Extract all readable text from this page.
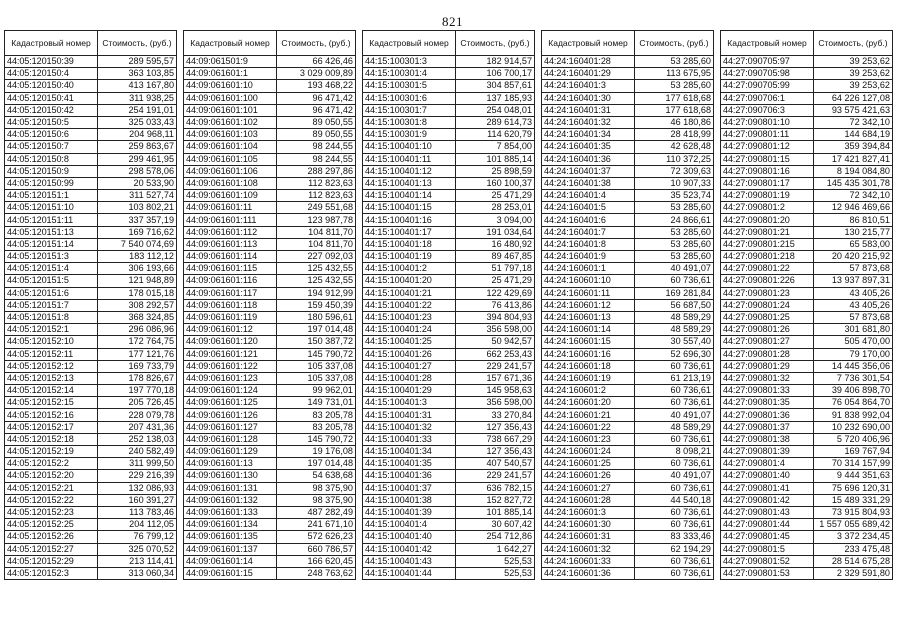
821
Кадастровый номер	Стоимость, (руб.)
44:05:120150:39	289 595,57
44:05:120150:4	363 103,85
44:05:120150:40	413 167,80
44:05:120150:41	311 938,25
44:05:120150:42	254 191,01
44:05:120150:5	325 033,43
44:05:120150:6	204 968,11
44:05:120150:7	259 863,67
44:05:120150:8	299 461,95
44:05:120150:9	298 578,06
44:05:120150:99	20 533,90
44:05:120151:1	311 527,74
44:05:120151:10	103 802,21
44:05:120151:11	337 357,19
44:05:120151:13	169 716,62
44:05:120151:14	7 540 074,69
44:05:120151:3	183 112,12
44:05:120151:4	306 193,66
44:05:120151:5	121 948,89
44:05:120151:6	178 015,18
44:05:120151:7	308 292,57
44:05:120151:8	368 324,85
44:05:120152:1	296 086,96
44:05:120152:10	172 764,75
44:05:120152:11	177 121,76
44:05:120152:12	169 733,79
44:05:120152:13	178 826,67
44:05:120152:14	197 770,18
44:05:120152:15	205 726,45
44:05:120152:16	228 079,78
44:05:120152:17	207 431,36
44:05:120152:18	252 138,03
44:05:120152:19	240 582,49
44:05:120152:2	311 999,50
44:05:120152:20	229 216,39
44:05:120152:21	132 086,93
44:05:120152:22	160 391,27
44:05:120152:23	113 783,46
44:05:120152:25	204 112,05
44:05:120152:26	76 799,12
44:05:120152:27	325 070,52
44:05:120152:29	213 114,41
44:05:120152:3	313 060,34
Кадастровый номер	Стоимость, (руб.)
44:09:061501:9	66 426,46
44:09:061601:1	3 029 009,89
44:09:061601:10	193 468,22
44:09:061601:100	96 471,42
44:09:061601:101	96 471,42
44:09:061601:102	89 050,55
44:09:061601:103	89 050,55
44:09:061601:104	98 244,55
44:09:061601:105	98 244,55
44:09:061601:106	288 297,86
44:09:061601:108	112 823,63
44:09:061601:109	112 823,63
44:09:061601:11	249 551,68
44:09:061601:111	123 987,78
44:09:061601:112	104 811,70
44:09:061601:113	104 811,70
44:09:061601:114	227 092,03
44:09:061601:115	125 432,55
44:09:061601:116	125 432,55
44:09:061601:117	194 912,99
44:09:061601:118	159 450,39
44:09:061601:119	180 596,61
44:09:061601:12	197 014,48
44:09:061601:120	150 387,72
44:09:061601:121	145 790,72
44:09:061601:122	105 337,08
44:09:061601:123	105 337,08
44:09:061601:124	99 962,01
44:09:061601:125	149 731,01
44:09:061601:126	83 205,78
44:09:061601:127	83 205,78
44:09:061601:128	145 790,72
44:09:061601:129	19 176,08
44:09:061601:13	197 014,48
44:09:061601:130	54 638,68
44:09:061601:131	98 375,90
44:09:061601:132	98 375,90
44:09:061601:133	487 282,49
44:09:061601:134	241 671,10
44:09:061601:135	572 626,23
44:09:061601:137	660 786,57
44:09:061601:14	166 620,45
44:09:061601:15	248 763,62
Кадастровый номер	Стоимость, (руб.)
44:15:100301:3	182 914,57
44:15:100301:4	106 700,17
44:15:100301:5	304 857,61
44:15:100301:6	137 185,93
44:15:100301:7	254 048,01
44:15:100301:8	289 614,73
44:15:100301:9	114 620,79
44:15:100401:10	7 854,00
44:15:100401:11	101 885,14
44:15:100401:12	25 898,59
44:15:100401:13	160 100,37
44:15:100401:14	25 471,29
44:15:100401:15	28 253,01
44:15:100401:16	3 094,00
44:15:100401:17	191 034,64
44:15:100401:18	16 480,92
44:15:100401:19	89 467,85
44:15:100401:2	51 797,18
44:15:100401:20	25 471,29
44:15:100401:21	122 429,69
44:15:100401:22	76 413,86
44:15:100401:23	394 804,93
44:15:100401:24	356 598,00
44:15:100401:25	50 942,57
44:15:100401:26	662 253,43
44:15:100401:27	229 241,57
44:15:100401:28	157 671,36
44:15:100401:29	145 958,63
44:15:100401:3	356 598,00
44:15:100401:31	33 270,84
44:15:100401:32	127 356,43
44:15:100401:33	738 667,29
44:15:100401:34	127 356,43
44:15:100401:35	407 540,57
44:15:100401:36	229 241,57
44:15:100401:37	636 782,15
44:15:100401:38	152 827,72
44:15:100401:39	101 885,14
44:15:100401:4	30 607,42
44:15:100401:40	254 712,86
44:15:100401:42	1 642,27
44:15:100401:43	525,53
44:15:100401:44	525,53
Кадастровый номер	Стоимость, (руб.)
44:24:160401:28	53 285,60
44:24:160401:29	113 675,95
44:24:160401:3	53 285,60
44:24:160401:30	177 618,68
44:24:160401:31	177 618,68
44:24:160401:32	46 180,86
44:24:160401:34	28 418,99
44:24:160401:35	42 628,48
44:24:160401:36	110 372,25
44:24:160401:37	72 309,63
44:24:160401:38	10 907,33
44:24:160401:4	35 523,74
44:24:160401:5	53 285,60
44:24:160401:6	24 866,61
44:24:160401:7	53 285,60
44:24:160401:8	53 285,60
44:24:160401:9	53 285,60
44:24:160601:1	40 491,07
44:24:160601:10	60 736,61
44:24:160601:11	169 281,84
44:24:160601:12	56 687,50
44:24:160601:13	48 589,29
44:24:160601:14	48 589,29
44:24:160601:15	30 557,40
44:24:160601:16	52 696,30
44:24:160601:18	60 736,61
44:24:160601:19	61 213,19
44:24:160601:2	60 736,61
44:24:160601:20	60 736,61
44:24:160601:21	40 491,07
44:24:160601:22	48 589,29
44:24:160601:23	60 736,61
44:24:160601:24	8 098,21
44:24:160601:25	60 736,61
44:24:160601:26	40 491,07
44:24:160601:27	60 736,61
44:24:160601:28	44 540,18
44:24:160601:3	60 736,61
44:24:160601:30	60 736,61
44:24:160601:31	83 333,46
44:24:160601:32	62 194,29
44:24:160601:33	60 736,61
44:24:160601:36	60 736,61
Кадастровый номер	Стоимость, (руб.)
44:27:090705:97	39 253,62
44:27:090705:98	39 253,62
44:27:090705:99	39 253,62
44:27:090706:1	64 226 127,08
44:27:090706:3	93 575 421,63
44:27:090801:10	72 342,10
44:27:090801:11	144 684,19
44:27:090801:12	359 394,84
44:27:090801:15	17 421 827,41
44:27:090801:16	8 194 084,80
44:27:090801:17	145 435 301,78
44:27:090801:19	72 342,10
44:27:090801:2	12 946 469,66
44:27:090801:20	86 810,51
44:27:090801:21	130 215,77
44:27:090801:215	65 583,00
44:27:090801:218	20 420 215,92
44:27:090801:22	57 873,68
44:27:090801:226	13 937 897,31
44:27:090801:23	43 405,26
44:27:090801:24	43 405,26
44:27:090801:25	57 873,68
44:27:090801:26	301 681,80
44:27:090801:27	505 470,00
44:27:090801:28	79 170,00
44:27:090801:29	14 445 356,06
44:27:090801:32	7 736 301,54
44:27:090801:33	39 406 898,70
44:27:090801:35	76 054 864,70
44:27:090801:36	91 838 992,04
44:27:090801:37	10 232 690,00
44:27:090801:38	5 720 406,96
44:27:090801:39	169 767,94
44:27:090801:4	70 314 157,99
44:27:090801:40	9 444 351,63
44:27:090801:41	75 696 120,31
44:27:090801:42	15 489 331,29
44:27:090801:43	73 915 804,93
44:27:090801:44	1 557 055 689,42
44:27:090801:45	3 372 234,45
44:27:090801:5	233 475,48
44:27:090801:52	28 514 675,28
44:27:090801:53	2 329 591,80
